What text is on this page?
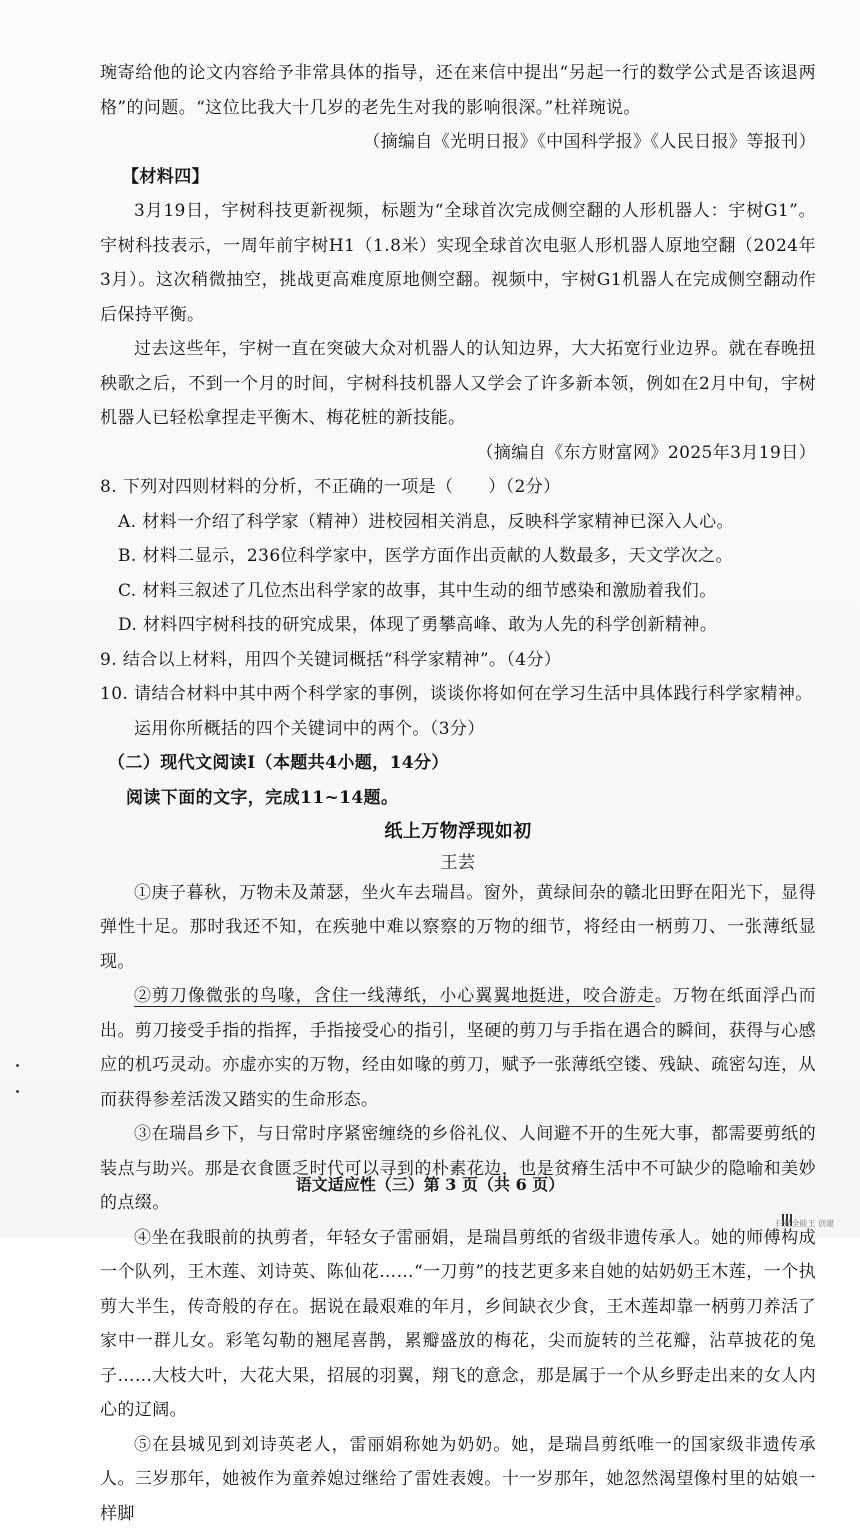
琬寄给他的论文内容给予非常具体的指导，还在来信中提出“另起一行的数学公式是否该退两格”的问题。“这位比我大十几岁的老先生对我的影响很深。”杜祥琬说。

（摘编自《光明日报》《中国科学报》《人民日报》等报刊）

【材料四】

3月19日，宇树科技更新视频，标题为“全球首次完成侧空翻的人形机器人：宇树G1”。宇树科技表示，一周年前宇树H1（1.8米）实现全球首次电驱人形机器人原地空翻（2024年3月）。这次稍微抽空，挑战更高难度原地侧空翻。视频中，宇树G1机器人在完成侧空翻动作后保持平衡。

过去这些年，宇树一直在突破大众对机器人的认知边界，大大拓宽行业边界。就在春晚扭秧歌之后，不到一个月的时间，宇树科技机器人又学会了许多新本领，例如在2月中旬，宇树机器人已轻松拿捏走平衡木、梅花桩的新技能。

（摘编自《东方财富网》2025年3月19日）

8. 下列对四则材料的分析，不正确的一项是（　　）（2分）

A. 材料一介绍了科学家（精神）进校园相关消息，反映科学家精神已深入人心。

B. 材料二显示，236位科学家中，医学方面作出贡献的人数最多，天文学次之。

C. 材料三叙述了几位杰出科学家的故事，其中生动的细节感染和激励着我们。

D. 材料四宇树科技的研究成果，体现了勇攀高峰、敢为人先的科学创新精神。

9. 结合以上材料，用四个关键词概括“科学家精神”。（4分）

10. 请结合材料中其中两个科学家的事例，谈谈你将如何在学习生活中具体践行科学家精神。运用你所概括的四个关键词中的两个。（3分）

（二）现代文阅读Ⅰ（本题共4小题，14分）

阅读下面的文字，完成11~14题。

纸上万物浮现如初

王芸

①庚子暮秋，万物未及萧瑟，坐火车去瑞昌。窗外，黄绿间杂的赣北田野在阳光下，显得弹性十足。那时我还不知，在疾驰中难以察察的万物的细节，将经由一柄剪刀、一张薄纸显现。

②剪刀像微张的鸟喙，含住一线薄纸，小心翼翼地挺进，咬合游走。万物在纸面浮凸而出。剪刀接受手指的指挥，手指接受心的指引，坚硬的剪刀与手指在遇合的瞬间，获得与心感应的机巧灵动。亦虚亦实的万物，经由如喙的剪刀，赋予一张薄纸空镂、残缺、疏密勾连，从而获得参差活泼又踏实的生命形态。

③在瑞昌乡下，与日常时序紧密缠绕的乡俗礼仪、人间避不开的生死大事，都需要剪纸的装点与助兴。那是衣食匮乏时代可以寻到的朴素花边，也是贫瘠生活中不可缺少的隐喻和美妙的点缀。

④坐在我眼前的执剪者，年轻女子雷丽娟，是瑞昌剪纸的省级非遗传承人。她的师傅构成一个队列，王木莲、刘诗英、陈仙花……“一刀剪”的技艺更多来自她的姑奶奶王木莲，一个执剪大半生，传奇般的存在。据说在最艰难的年月，乡间缺衣少食，王木莲却靠一柄剪刀养活了家中一群儿女。彩笔勾勒的翘尾喜鹊，累瓣盛放的梅花，尖而旋转的兰花瓣，沾草披花的兔子……大枝大叶，大花大果，招展的羽翼，翔飞的意念，那是属于一个从乡野走出来的女人内心的辽阔。

⑤在县城见到刘诗英老人，雷丽娟称她为奶奶。她，是瑞昌剪纸唯一的国家级非遗传承人。三岁那年，她被作为童养媳过继给了雷姓表嫂。十一岁那年，她忽然渴望像村里的姑娘一样脚

语文适应性（三）第 3 页（共 6 页）
扫描全能王 创建
